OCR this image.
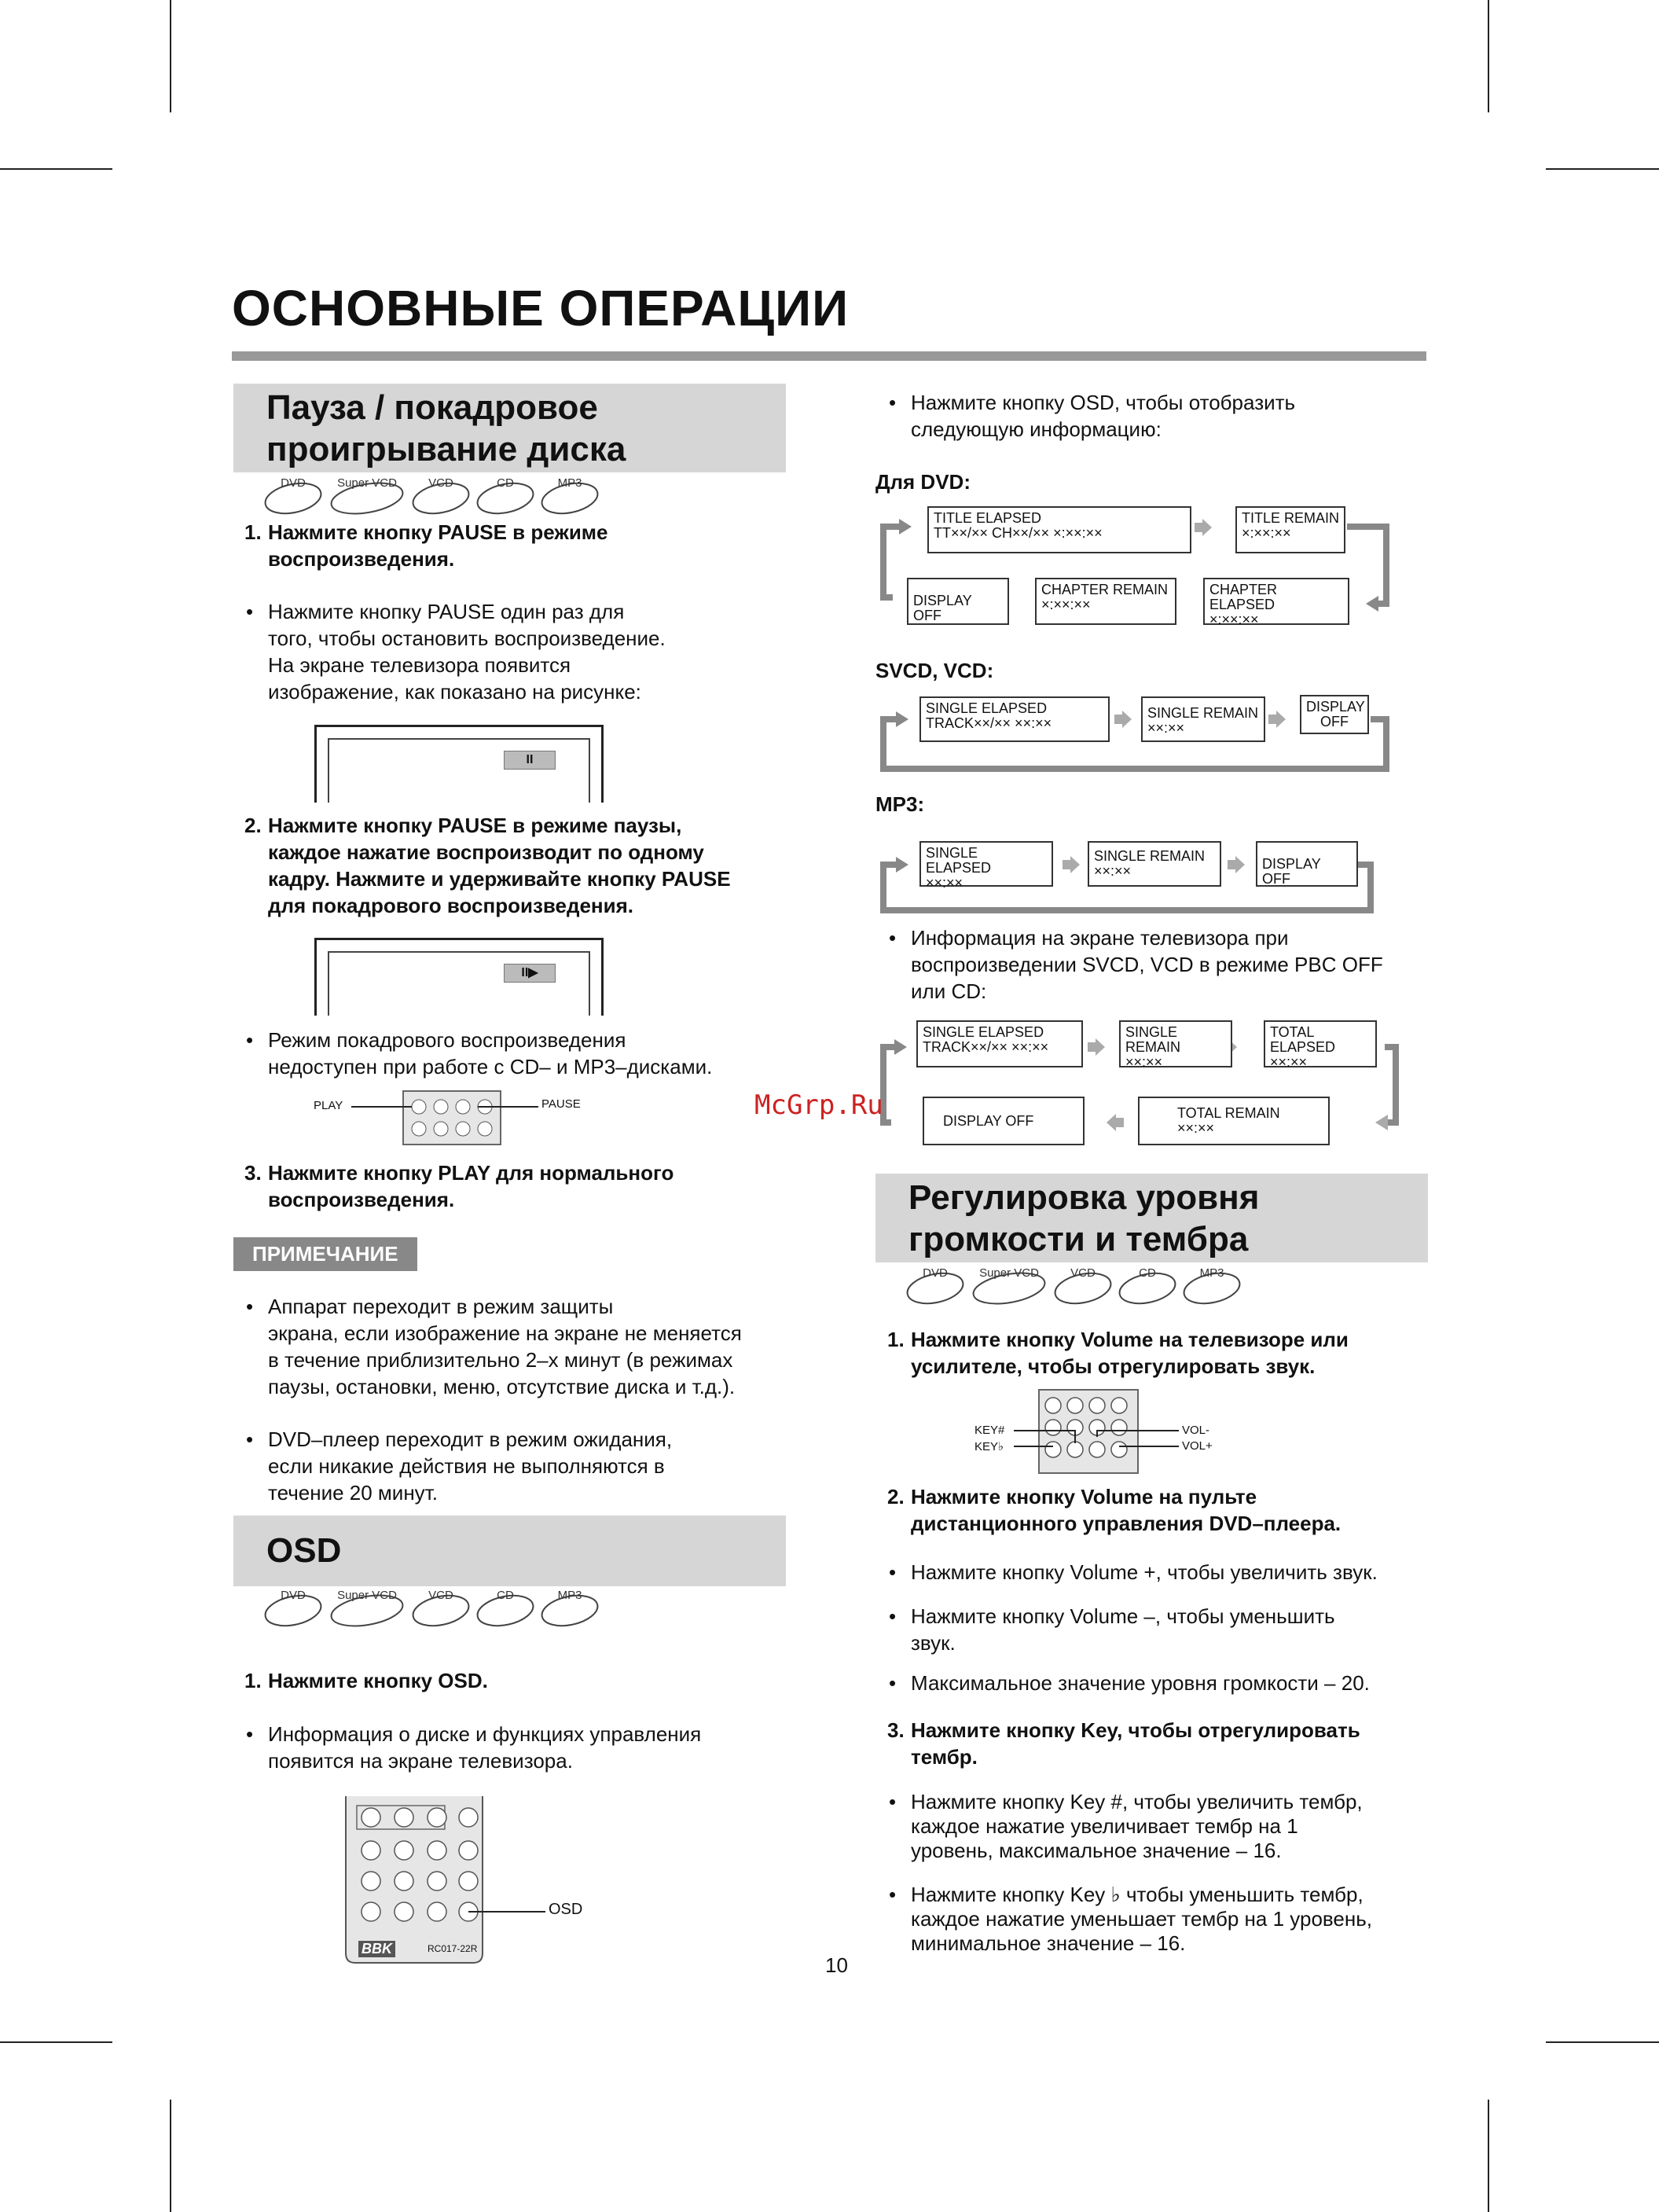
ОСНОВНЫЕ ОПЕРАЦИИ
Пауза / покадровое
проигрывание диска
DVD	Super VCD	VCD	CD	MP3
1. Нажмите кнопку PAUSE в режиме
воспроизведения.
• Нажмите кнопку PAUSE один раз для
того, чтобы остановить воспроизведение.
На экране телевизора появится
изображение, как показано на рисунке:
II
2. Нажмите кнопку PAUSE в режиме паузы,
каждое нажатие воспроизводит по одному
кадру. Нажмите и удерживайте кнопку PAUSE
для покадрового воспроизведения.
II▶
• Режим покадрового воспроизведения
недоступен при работе с CD– и MP3–дисками.
PLAY	PAUSE
3. Нажмите кнопку PLAY для нормального
воспроизведения.
ПРИМЕЧАНИЕ
• Аппарат переходит в режим защиты
экрана, если изображение на экране не меняется
в течение приблизительно 2–х минут (в режимах
паузы, остановки, меню, отсутствие диска и т.д.).
• DVD–плеер переходит в режим ожидания,
если никакие действия не выполняются в
течение 20 минут.
OSD
DVD	Super VCD	VCD	CD	MP3
1. Нажмите кнопку OSD.
• Информация о диске и функциях управления
появится на экране телевизора.
OSD
BBK	RC017-22R
10
• Нажмите кнопку OSD, чтобы отобразить
следующую информацию:
Для DVD:
TITLE ELAPSED
TT××/×× CH××/×× ×:××:××
TITLE REMAIN
×:××:××
DISPLAY OFF
CHAPTER REMAIN
×:××:××
CHAPTER ELAPSED
×:××:××
SVCD, VCD:
SINGLE ELAPSED
TRACK××/×× ××:××
SINGLE REMAIN
××:××
DISPLAY
OFF
MP3:
SINGLE ELAPSED
××:××
SINGLE REMAIN
××:××	DISPLAY OFF
• Информация на экране телевизора при
воспроизведении SVCD, VCD в режиме PBC OFF
или CD:
SINGLE ELAPSED
TRACK××/×× ××:××
SINGLE REMAIN
××:××
TOTAL ELAPSED
××:××
DISPLAY OFF	TOTAL REMAIN
××:××
McGrp.Ru
Регулировка уровня
громкости и тембра
DVD	Super VCD	VCD	CD	MP3
1. Нажмите кнопку Volume на телевизоре или
усилителе, чтобы отрегулировать звук.
KEY#
KEY♭
VOL-
VOL+
2. Нажмите кнопку Volume на пульте
дистанционного управления DVD–плеера.
• Нажмите кнопку Volume +, чтобы увеличить звук.
• Нажмите кнопку Volume –, чтобы уменьшить
звук.
• Максимальное значение уровня громкости – 20.
3. Нажмите кнопку Key, чтобы отрегулировать
тембр.
• Нажмите кнопку Key #, чтобы увеличить тембр,
каждое нажатие увеличивает тембр на 1
уровень, максимальное значение – 16.
• Нажмите кнопку Key ♭ чтобы уменьшить тембр,
каждое нажатие уменьшает тембр на 1 уровень,
минимальное значение – 16.
